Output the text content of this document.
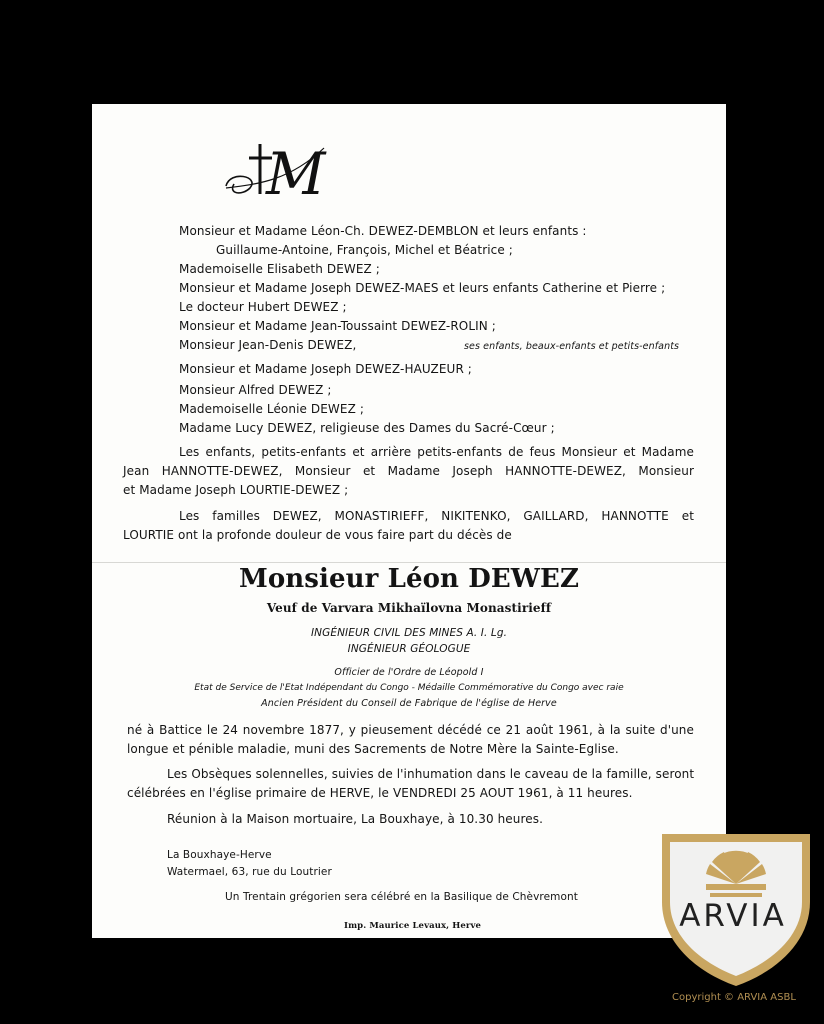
M
Monsieur et Madame Léon-Ch. DEWEZ-DEMBLON et leurs enfants :
Guillaume-Antoine, François, Michel et Béatrice ;
Mademoiselle Elisabeth DEWEZ ;
Monsieur et Madame Joseph DEWEZ-MAES et leurs enfants Catherine et Pierre ;
Le docteur Hubert DEWEZ ;
Monsieur et Madame Jean-Toussaint DEWEZ-ROLIN ;
Monsieur Jean-Denis DEWEZ,	ses enfants, beaux-enfants et petits-enfants
Monsieur et Madame Joseph DEWEZ-HAUZEUR ;
Monsieur Alfred DEWEZ ;
Mademoiselle Léonie DEWEZ ;
Madame Lucy DEWEZ, religieuse des Dames du Sacré-Cœur ;
Les enfants, petits-enfants et arrière petits-enfants de feus Monsieur et Madame
Jean HANNOTTE-DEWEZ, Monsieur et Madame Joseph HANNOTTE-DEWEZ, Monsieur
et Madame Joseph LOURTIE-DEWEZ ;
Les familles DEWEZ, MONASTIRIEFF, NIKITENKO, GAILLARD, HANNOTTE et
LOURTIE ont la profonde douleur de vous faire part du décès de
Monsieur Léon DEWEZ
Veuf de Varvara Mikhaïlovna Monastirieff
INGÉNIEUR CIVIL DES MINES A. I. Lg.
INGÉNIEUR GÉOLOGUE
Officier de l'Ordre de Léopold I
Etat de Service de l'Etat Indépendant du Congo - Médaille Commémorative du Congo avec raie
Ancien Président du Conseil de Fabrique de l'église de Herve
né à Battice le 24 novembre 1877, y pieusement décédé ce 21 août 1961, à la suite d'une
longue et pénible maladie, muni des Sacrements de Notre Mère la Sainte-Eglise.
Les Obsèques solennelles, suivies de l'inhumation dans le caveau de la famille, seront
célébrées en l'église primaire de HERVE, le VENDREDI 25 AOUT 1961, à 11 heures.
Réunion à la Maison mortuaire, La Bouxhaye, à 10.30 heures.
La Bouxhaye-Herve
Watermael, 63, rue du Loutrier
Un Trentain grégorien sera célébré en la Basilique de Chèvremont
Imp. Maurice Levaux, Herve	ARVIA
Copyright © ARVIA ASBL
